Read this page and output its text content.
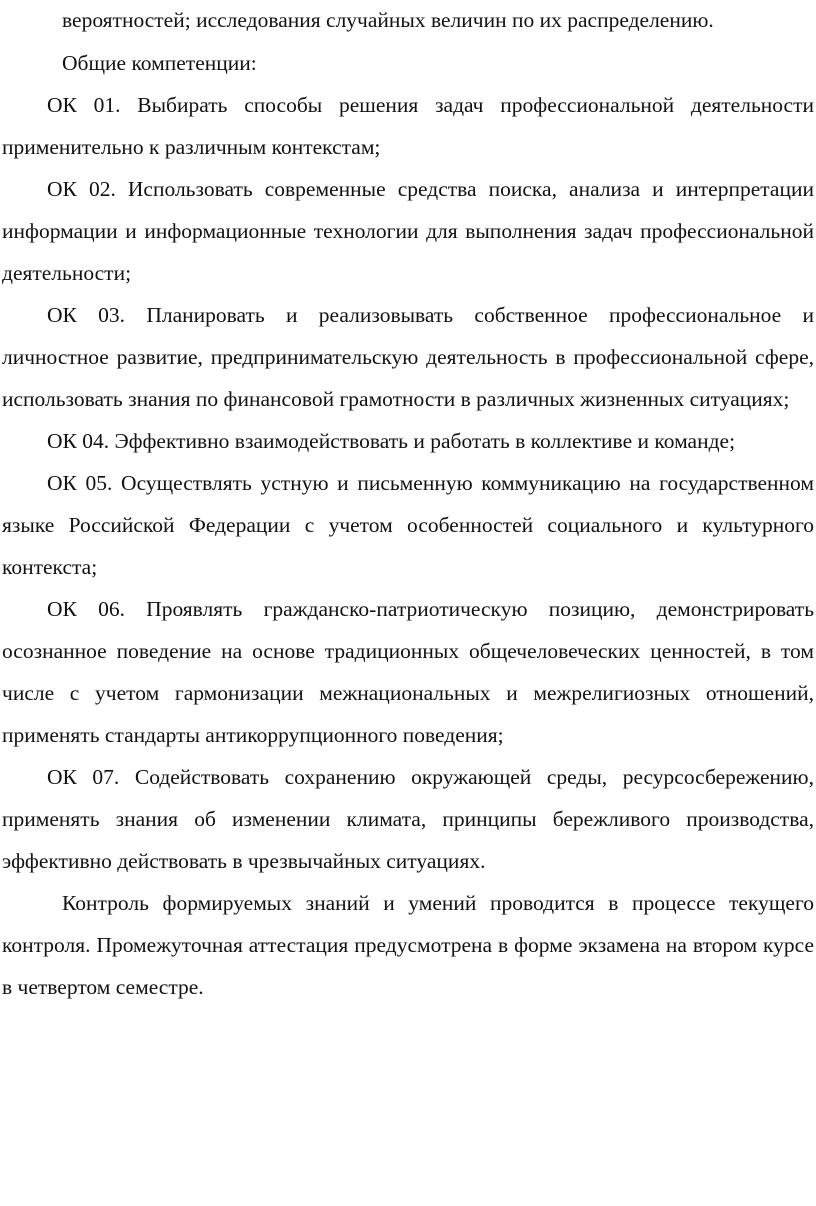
вероятностей; исследования случайных величин по их распределению.

Общие компетенции:

ОК 01. Выбирать способы решения задач профессиональной деятельности применительно к различным контекстам;

ОК 02. Использовать современные средства поиска, анализа и интерпретации информации и информационные технологии для выполнения задач профессиональной деятельности;

ОК 03. Планировать и реализовывать собственное профессиональное и личностное развитие, предпринимательскую деятельность в профессиональной сфере, использовать знания по финансовой грамотности в различных жизненных ситуациях;

ОК 04. Эффективно взаимодействовать и работать в коллективе и команде;

ОК 05. Осуществлять устную и письменную коммуникацию на государственном языке Российской Федерации с учетом особенностей социального и культурного контекста;

ОК 06. Проявлять гражданско-патриотическую позицию, демонстрировать осознанное поведение на основе традиционных общечеловеческих ценностей, в том числе с учетом гармонизации межнациональных и межрелигиозных отношений, применять стандарты антикоррупционного поведения;

ОК 07. Содействовать сохранению окружающей среды, ресурсосбережению, применять знания об изменении климата, принципы бережливого производства, эффективно действовать в чрезвычайных ситуациях.

Контроль формируемых знаний и умений проводится в процессе текущего контроля. Промежуточная аттестация предусмотрена в форме экзамена на втором курсе в четвертом семестре.
